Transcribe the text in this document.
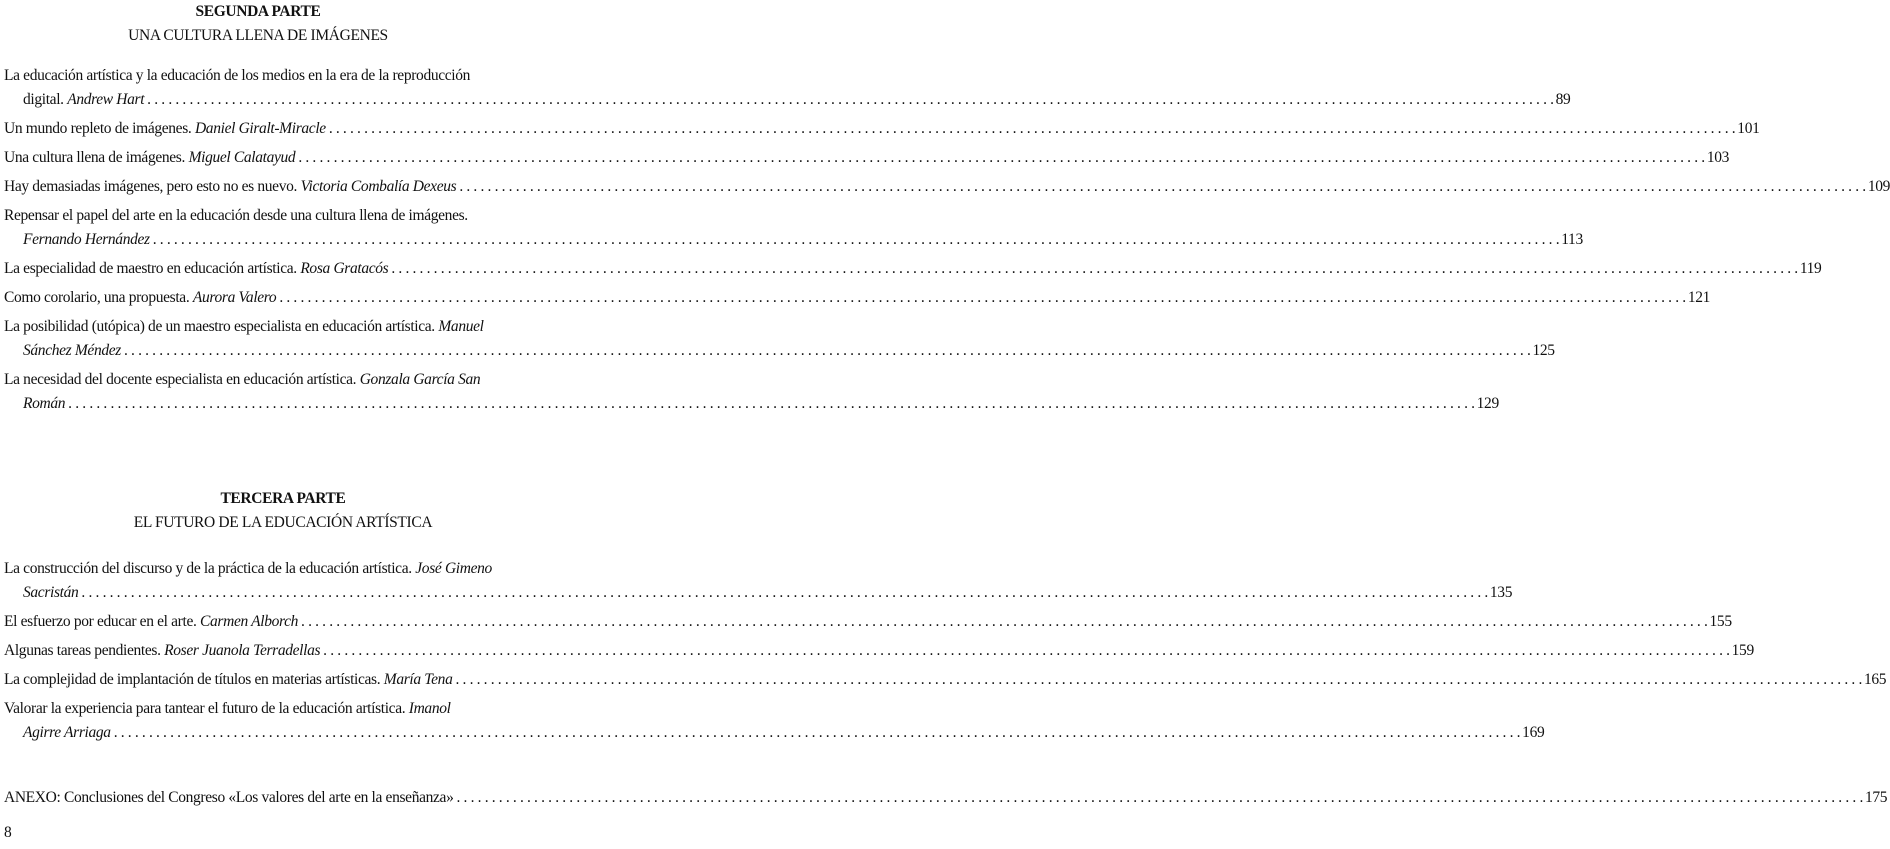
SEGUNDA PARTE
UNA CULTURA LLENA DE IMÁGENES
La educación artística y la educación de los medios en la era de la reproducción
digital. Andrew Hart . . . . . . . . . . . . . . . . . . . . . . . . . . . . . . . . . . . . . . . . . . . . . . . . . . . . . . . . . . . . . . . . . . . . . . . . . . . . . . . . . . . . . . . . . . . . . . . . . . . . . . . . . . . . . . . . . . . . . . . . . . . . . . . . . . . . . . . . . . . . . . . . . . . . . . . . . . . . . . . . . . . . . . . . . . . . . . . . . . . . . . . . . . . . . . . . . . . . . . . . 89
Un mundo repleto de imágenes. Daniel Giralt-Miracle . . . . . . . . . . . . . . . . . . . . . . . . . . . . . . . . . . . . . . . . . . . . . . . . . . . . . . . . . . . . . . . . . . . . . . . . . . . . . . . . . . . . . . . . . . . . . . . . . . . . . . . . . . . . . . . . . . . . . . . . . . . . . . . . . . . . . . . . . . . . . . . . . . . . . . . . . . . . . . . . . . . . . . . . . . . . . . . . . . . . . . . . . . . . . . . . . . . . . . . . 101
Una cultura llena de imágenes. Miguel Calatayud . . . . . . . . . . . . . . . . . . . . . . . . . . . . . . . . . . . . . . . . . . . . . . . . . . . . . . . . . . . . . . . . . . . . . . . . . . . . . . . . . . . . . . . . . . . . . . . . . . . . . . . . . . . . . . . . . . . . . . . . . . . . . . . . . . . . . . . . . . . . . . . . . . . . . . . . . . . . . . . . . . . . . . . . . . . . . . . . . . . . . . . . . . . . . . . . . . . . . . . . 103
Hay demasiadas imágenes, pero esto no es nuevo. Victoria Combalía Dexeus . . . . . . . . . . . . . . . . . . . . . . . . . . . . . . . . . . . . . . . . . . . . . . . . . . . . . . . . . . . . . . . . . . . . . . . . . . . . . . . . . . . . . . . . . . . . . . . . . . . . . . . . . . . . . . . . . . . . . . . . . . . . . . . . . . . . . . . . . . . . . . . . . . . . . . . . . . . . . . . . . . . . . . . . . . . . . . . . . . . . . . . . . . . . . . . . . . . . . . . . 109
Repensar el papel del arte en la educación desde una cultura llena de imágenes.
Fernando Hernández . . . . . . . . . . . . . . . . . . . . . . . . . . . . . . . . . . . . . . . . . . . . . . . . . . . . . . . . . . . . . . . . . . . . . . . . . . . . . . . . . . . . . . . . . . . . . . . . . . . . . . . . . . . . . . . . . . . . . . . . . . . . . . . . . . . . . . . . . . . . . . . . . . . . . . . . . . . . . . . . . . . . . . . . . . . . . . . . . . . . . . . . . . . . . . . . . . . . . . . . 113
La especialidad de maestro en educación artística. Rosa Gratacós . . . . . . . . . . . . . . . . . . . . . . . . . . . . . . . . . . . . . . . . . . . . . . . . . . . . . . . . . . . . . . . . . . . . . . . . . . . . . . . . . . . . . . . . . . . . . . . . . . . . . . . . . . . . . . . . . . . . . . . . . . . . . . . . . . . . . . . . . . . . . . . . . . . . . . . . . . . . . . . . . . . . . . . . . . . . . . . . . . . . . . . . . . . . . . . . . . . . . . . . 119
Como corolario, una propuesta. Aurora Valero . . . . . . . . . . . . . . . . . . . . . . . . . . . . . . . . . . . . . . . . . . . . . . . . . . . . . . . . . . . . . . . . . . . . . . . . . . . . . . . . . . . . . . . . . . . . . . . . . . . . . . . . . . . . . . . . . . . . . . . . . . . . . . . . . . . . . . . . . . . . . . . . . . . . . . . . . . . . . . . . . . . . . . . . . . . . . . . . . . . . . . . . . . . . . . . . . . . . . . . . 121
La posibilidad (utópica) de un maestro especialista en educación artística. Manuel
Sánchez Méndez . . . . . . . . . . . . . . . . . . . . . . . . . . . . . . . . . . . . . . . . . . . . . . . . . . . . . . . . . . . . . . . . . . . . . . . . . . . . . . . . . . . . . . . . . . . . . . . . . . . . . . . . . . . . . . . . . . . . . . . . . . . . . . . . . . . . . . . . . . . . . . . . . . . . . . . . . . . . . . . . . . . . . . . . . . . . . . . . . . . . . . . . . . . . . . . . . . . . . . . . 125
La necesidad del docente especialista en educación artística. Gonzala García San
Román . . . . . . . . . . . . . . . . . . . . . . . . . . . . . . . . . . . . . . . . . . . . . . . . . . . . . . . . . . . . . . . . . . . . . . . . . . . . . . . . . . . . . . . . . . . . . . . . . . . . . . . . . . . . . . . . . . . . . . . . . . . . . . . . . . . . . . . . . . . . . . . . . . . . . . . . . . . . . . . . . . . . . . . . . . . . . . . . . . . . . . . . . . . . . . . . . . . . . . . . 129
TERCERA PARTE
EL FUTURO DE LA EDUCACIÓN ARTÍSTICA
La construcción del discurso y de la práctica de la educación artística. José Gimeno
Sacristán . . . . . . . . . . . . . . . . . . . . . . . . . . . . . . . . . . . . . . . . . . . . . . . . . . . . . . . . . . . . . . . . . . . . . . . . . . . . . . . . . . . . . . . . . . . . . . . . . . . . . . . . . . . . . . . . . . . . . . . . . . . . . . . . . . . . . . . . . . . . . . . . . . . . . . . . . . . . . . . . . . . . . . . . . . . . . . . . . . . . . . . . . . . . . . . . . . . . . . . . 135
El esfuerzo por educar en el arte. Carmen Alborch . . . . . . . . . . . . . . . . . . . . . . . . . . . . . . . . . . . . . . . . . . . . . . . . . . . . . . . . . . . . . . . . . . . . . . . . . . . . . . . . . . . . . . . . . . . . . . . . . . . . . . . . . . . . . . . . . . . . . . . . . . . . . . . . . . . . . . . . . . . . . . . . . . . . . . . . . . . . . . . . . . . . . . . . . . . . . . . . . . . . . . . . . . . . . . . . . . . . . . . . 155
Algunas tareas pendientes. Roser Juanola Terradellas . . . . . . . . . . . . . . . . . . . . . . . . . . . . . . . . . . . . . . . . . . . . . . . . . . . . . . . . . . . . . . . . . . . . . . . . . . . . . . . . . . . . . . . . . . . . . . . . . . . . . . . . . . . . . . . . . . . . . . . . . . . . . . . . . . . . . . . . . . . . . . . . . . . . . . . . . . . . . . . . . . . . . . . . . . . . . . . . . . . . . . . . . . . . . . . . . . . . . . . . 159
La complejidad de implantación de títulos en materias artísticas. María Tena . . . . . . . . . . . . . . . . . . . . . . . . . . . . . . . . . . . . . . . . . . . . . . . . . . . . . . . . . . . . . . . . . . . . . . . . . . . . . . . . . . . . . . . . . . . . . . . . . . . . . . . . . . . . . . . . . . . . . . . . . . . . . . . . . . . . . . . . . . . . . . . . . . . . . . . . . . . . . . . . . . . . . . . . . . . . . . . . . . . . . . . . . . . . . . . . . . . . . . . . 165
Valorar la experiencia para tantear el futuro de la educación artística. Imanol
Agirre Arriaga . . . . . . . . . . . . . . . . . . . . . . . . . . . . . . . . . . . . . . . . . . . . . . . . . . . . . . . . . . . . . . . . . . . . . . . . . . . . . . . . . . . . . . . . . . . . . . . . . . . . . . . . . . . . . . . . . . . . . . . . . . . . . . . . . . . . . . . . . . . . . . . . . . . . . . . . . . . . . . . . . . . . . . . . . . . . . . . . . . . . . . . . . . . . . . . . . . . . . . . . 169
ANEXO: Conclusiones del Congreso «Los valores del arte en la enseñanza» . . . . . . . . . . . . . . . . . . . . . . . . . . . . . . . . . . . . . . . . . . . . . . . . . . . . . . . . . . . . . . . . . . . . . . . . . . . . . . . . . . . . . . . . . . . . . . . . . . . . . . . . . . . . . . . . . . . . . . . . . . . . . . . . . . . . . . . . . . . . . . . . . . . . . . . . . . . . . . . . . . . . . . . . . . . . . . . . . . . . . . . . . . . . . . . . . . . . . . . . 175
8
